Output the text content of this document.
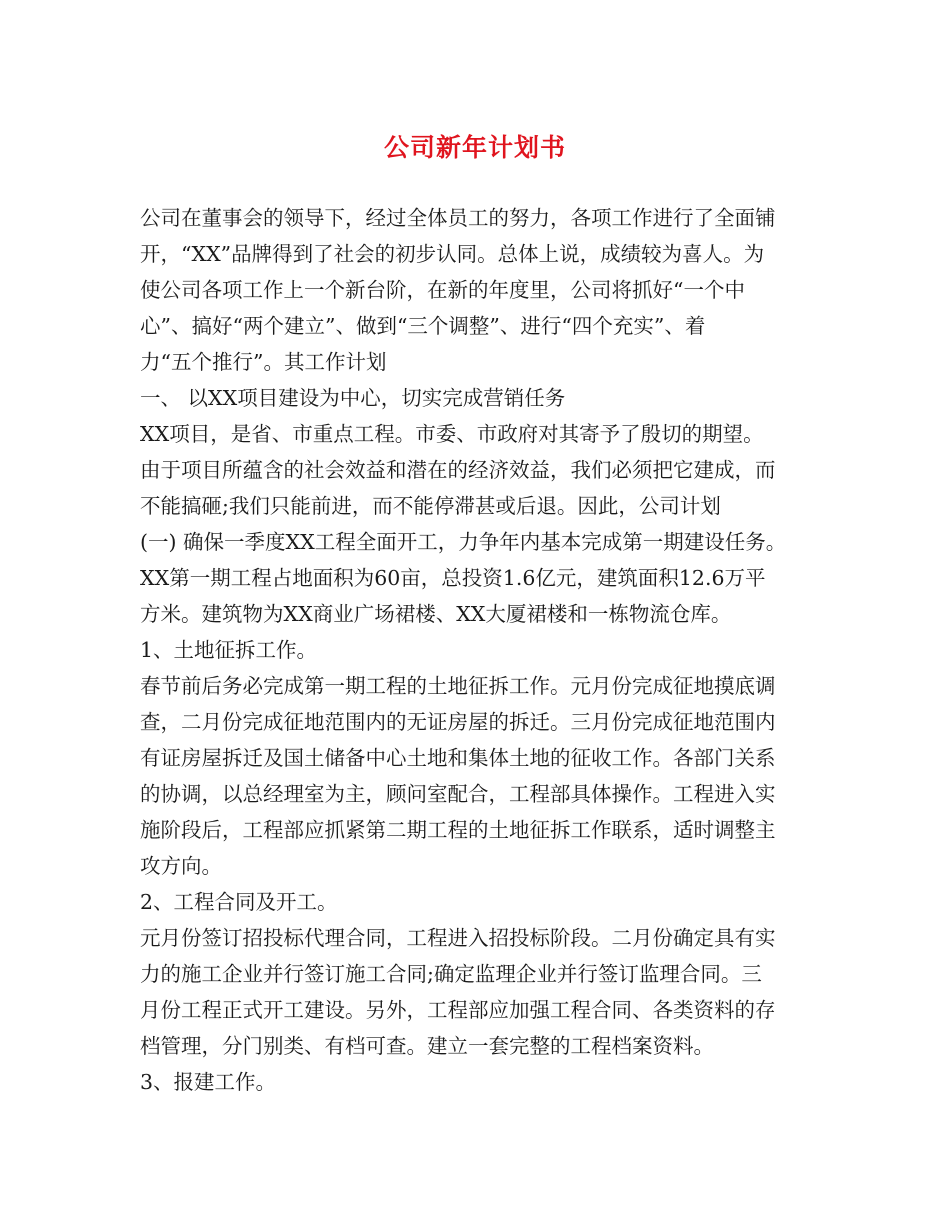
公司新年计划书
公司在董事会的领导下，经过全体员工的努力，各项工作进行了全面铺
开，“XX”品牌得到了社会的初步认同。总体上说，成绩较为喜人。为
使公司各项工作上一个新台阶，在新的年度里，公司将抓好“一个中
心”、搞好“两个建立”、做到“三个调整”、进行“四个充实”、着
力“五个推行”。其工作计划
一、 以XX项目建设为中心，切实完成营销任务
XX项目，是省、市重点工程。市委、市政府对其寄予了殷切的期望。
由于项目所蕴含的社会效益和潜在的经济效益，我们必须把它建成，而
不能搞砸;我们只能前进，而不能停滞甚或后退。因此，公司计划
(一) 确保一季度XX工程全面开工，力争年内基本完成第一期建设任务。
XX第一期工程占地面积为60亩，总投资1.6亿元，建筑面积12.6万平
方米。建筑物为XX商业广场裙楼、XX大厦裙楼和一栋物流仓库。
1、土地征拆工作。
春节前后务必完成第一期工程的土地征拆工作。元月份完成征地摸底调
查，二月份完成征地范围内的无证房屋的拆迁。三月份完成征地范围内
有证房屋拆迁及国土储备中心土地和集体土地的征收工作。各部门关系
的协调，以总经理室为主，顾问室配合，工程部具体操作。工程进入实
施阶段后，工程部应抓紧第二期工程的土地征拆工作联系，适时调整主
攻方向。
2、工程合同及开工。
元月份签订招投标代理合同，工程进入招投标阶段。二月份确定具有实
力的施工企业并行签订施工合同;确定监理企业并行签订监理合同。三
月份工程正式开工建设。另外，工程部应加强工程合同、各类资料的存
档管理，分门别类、有档可查。建立一套完整的工程档案资料。
3、报建工作。
